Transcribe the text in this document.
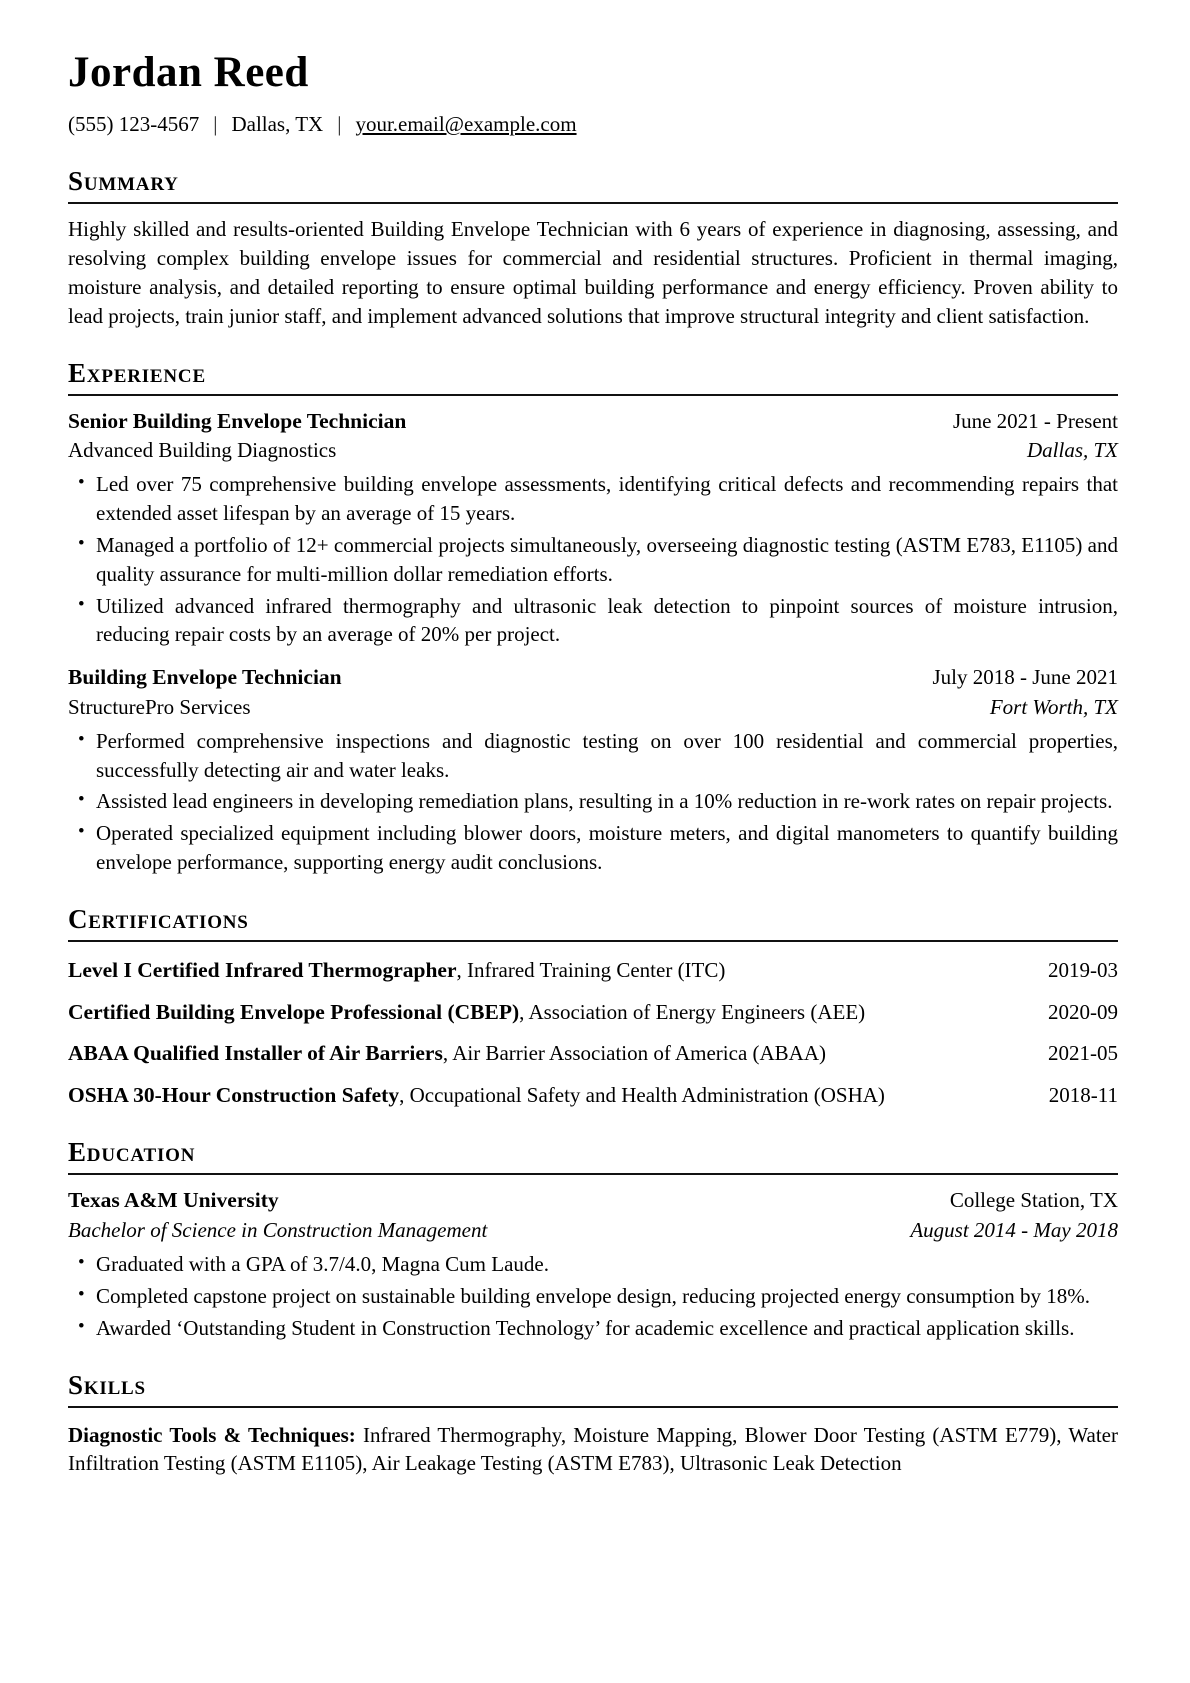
Jordan Reed
(555) 123-4567 | Dallas, TX | your.email@example.com
Summary

Highly skilled and results-oriented Building Envelope Technician with 6 years of experience in diagnosing, assessing, and resolving complex building envelope issues for commercial and residential structures. Proficient in thermal imaging, moisture analysis, and detailed reporting to ensure optimal building performance and energy efficiency. Proven ability to lead projects, train junior staff, and implement advanced solutions that improve structural integrity and client satisfaction.

Experience
Senior Building Envelope Technician	June 2021 - Present
Advanced Building Diagnostics	Dallas, TX
• Led over 75 comprehensive building envelope assessments, identifying critical defects and recommending repairs that extended asset lifespan by an average of 15 years.
• Managed a portfolio of 12+ commercial projects simultaneously, overseeing diagnostic testing (ASTM E783, E1105) and quality assurance for multi-million dollar remediation efforts.
• Utilized advanced infrared thermography and ultrasonic leak detection to pinpoint sources of moisture intrusion, reducing repair costs by an average of 20% per project.
Building Envelope Technician	July 2018 - June 2021
StructurePro Services	Fort Worth, TX
• Performed comprehensive inspections and diagnostic testing on over 100 residential and commercial properties, successfully detecting air and water leaks.
• Assisted lead engineers in developing remediation plans, resulting in a 10% reduction in re-work rates on repair projects.
• Operated specialized equipment including blower doors, moisture meters, and digital manometers to quantify building envelope performance, supporting energy audit conclusions.
Certifications
Level I Certified Infrared Thermographer, Infrared Training Center (ITC)	2019-03
Certified Building Envelope Professional (CBEP), Association of Energy Engineers (AEE)	2020-09
ABAA Qualified Installer of Air Barriers, Air Barrier Association of America (ABAA)	2021-05
OSHA 30-Hour Construction Safety, Occupational Safety and Health Administration (OSHA)	2018-11
Education
Texas A&M University	College Station, TX
Bachelor of Science in Construction Management	August 2014 - May 2018
• Graduated with a GPA of 3.7/4.0, Magna Cum Laude.
• Completed capstone project on sustainable building envelope design, reducing projected energy consumption by 18%.
• Awarded ‘Outstanding Student in Construction Technology’ for academic excellence and practical application skills.
Skills

Diagnostic Tools & Techniques: Infrared Thermography, Moisture Mapping, Blower Door Testing (ASTM E779), Water Infiltration Testing (ASTM E1105), Air Leakage Testing (ASTM E783), Ultrasonic Leak Detection
